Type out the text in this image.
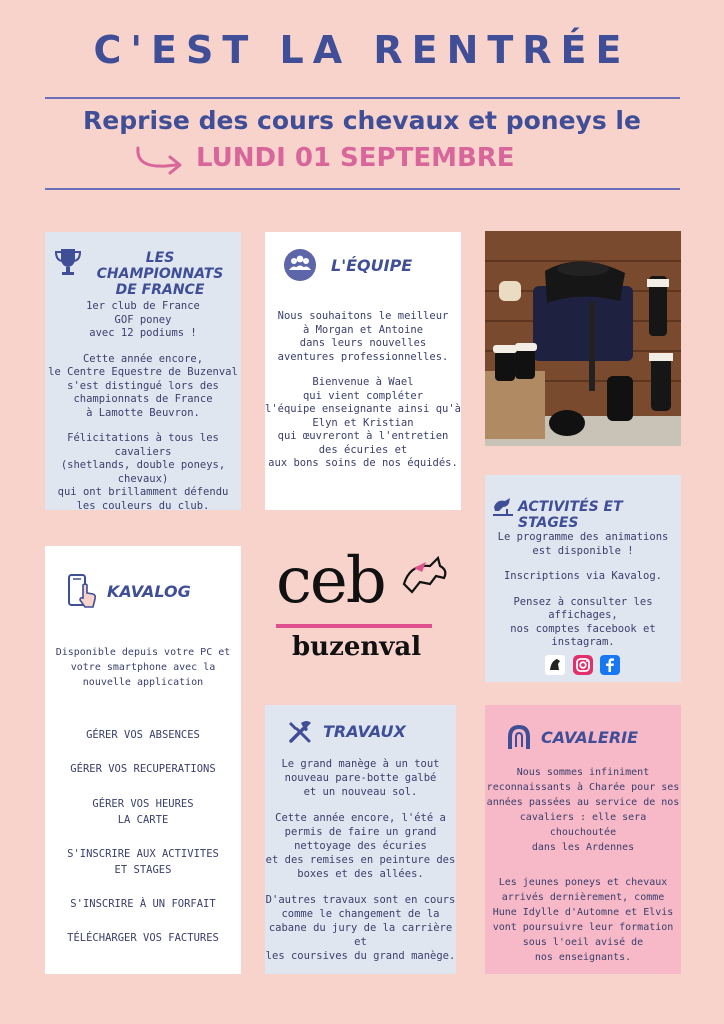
C'EST LA RENTRÉE
Reprise des cours chevaux et poneys le
LUNDI 01 SEPTEMBRE
LES CHAMPIONNATS
DE FRANCE

1er club de France
GOF poney
avec 12 podiums !

Cette année encore,
le Centre Equestre de Buzenval
s'est distingué lors des
championnats de France
à Lamotte Beuvron.

Félicitations à tous les cavaliers
(shetlands, double poneys, chevaux)
qui ont brillamment défendu
les couleurs du club.

L'ÉQUIPE

Nous souhaitons le meilleur
à Morgan et Antoine
dans leurs nouvelles
aventures professionnelles.

Bienvenue à Wael
qui vient compléter
l'équipe enseignante ainsi qu'à
Elyn et Kristian
qui œuvreront à l'entretien
des écuries et
aux bons soins de nos équidés.

ACTIVITÉS ET STAGES

Le programme des animations
est disponible !

Inscriptions via Kavalog.

Pensez à consulter les affichages,
nos comptes facebook et
instagram.

KAVALOG
Disponible depuis votre PC et
votre smartphone avec la
nouvelle application
GÉRER VOS ABSENCES
GÉRER VOS RECUPERATIONS
GÉRER VOS HEURES
LA CARTE
S'INSCRIRE AUX ACTIVITES
ET STAGES
S'INSCRIRE À UN FORFAIT
TÉLÉCHARGER VOS FACTURES
ceb
buzenval
TRAVAUX

Le grand manège à un tout
nouveau pare-botte galbé
et un nouveau sol.

Cette année encore, l'été a
permis de faire un grand
nettoyage des écuries
et des remises en peinture des
boxes et des allées.

D'autres travaux sont en cours
comme le changement de la
cabane du jury de la carrière et
les coursives du grand manège.

CAVALERIE

Nous sommes infiniment
reconnaissants à Charée pour ses
années passées au service de nos
cavaliers : elle sera chouchoutée
dans les Ardennes

Les jeunes poneys et chevaux
arrivés dernièrement, comme
Hune Idylle d'Automne et Elvis
vont poursuivre leur formation
sous l'oeil avisé de
nos enseignants.
